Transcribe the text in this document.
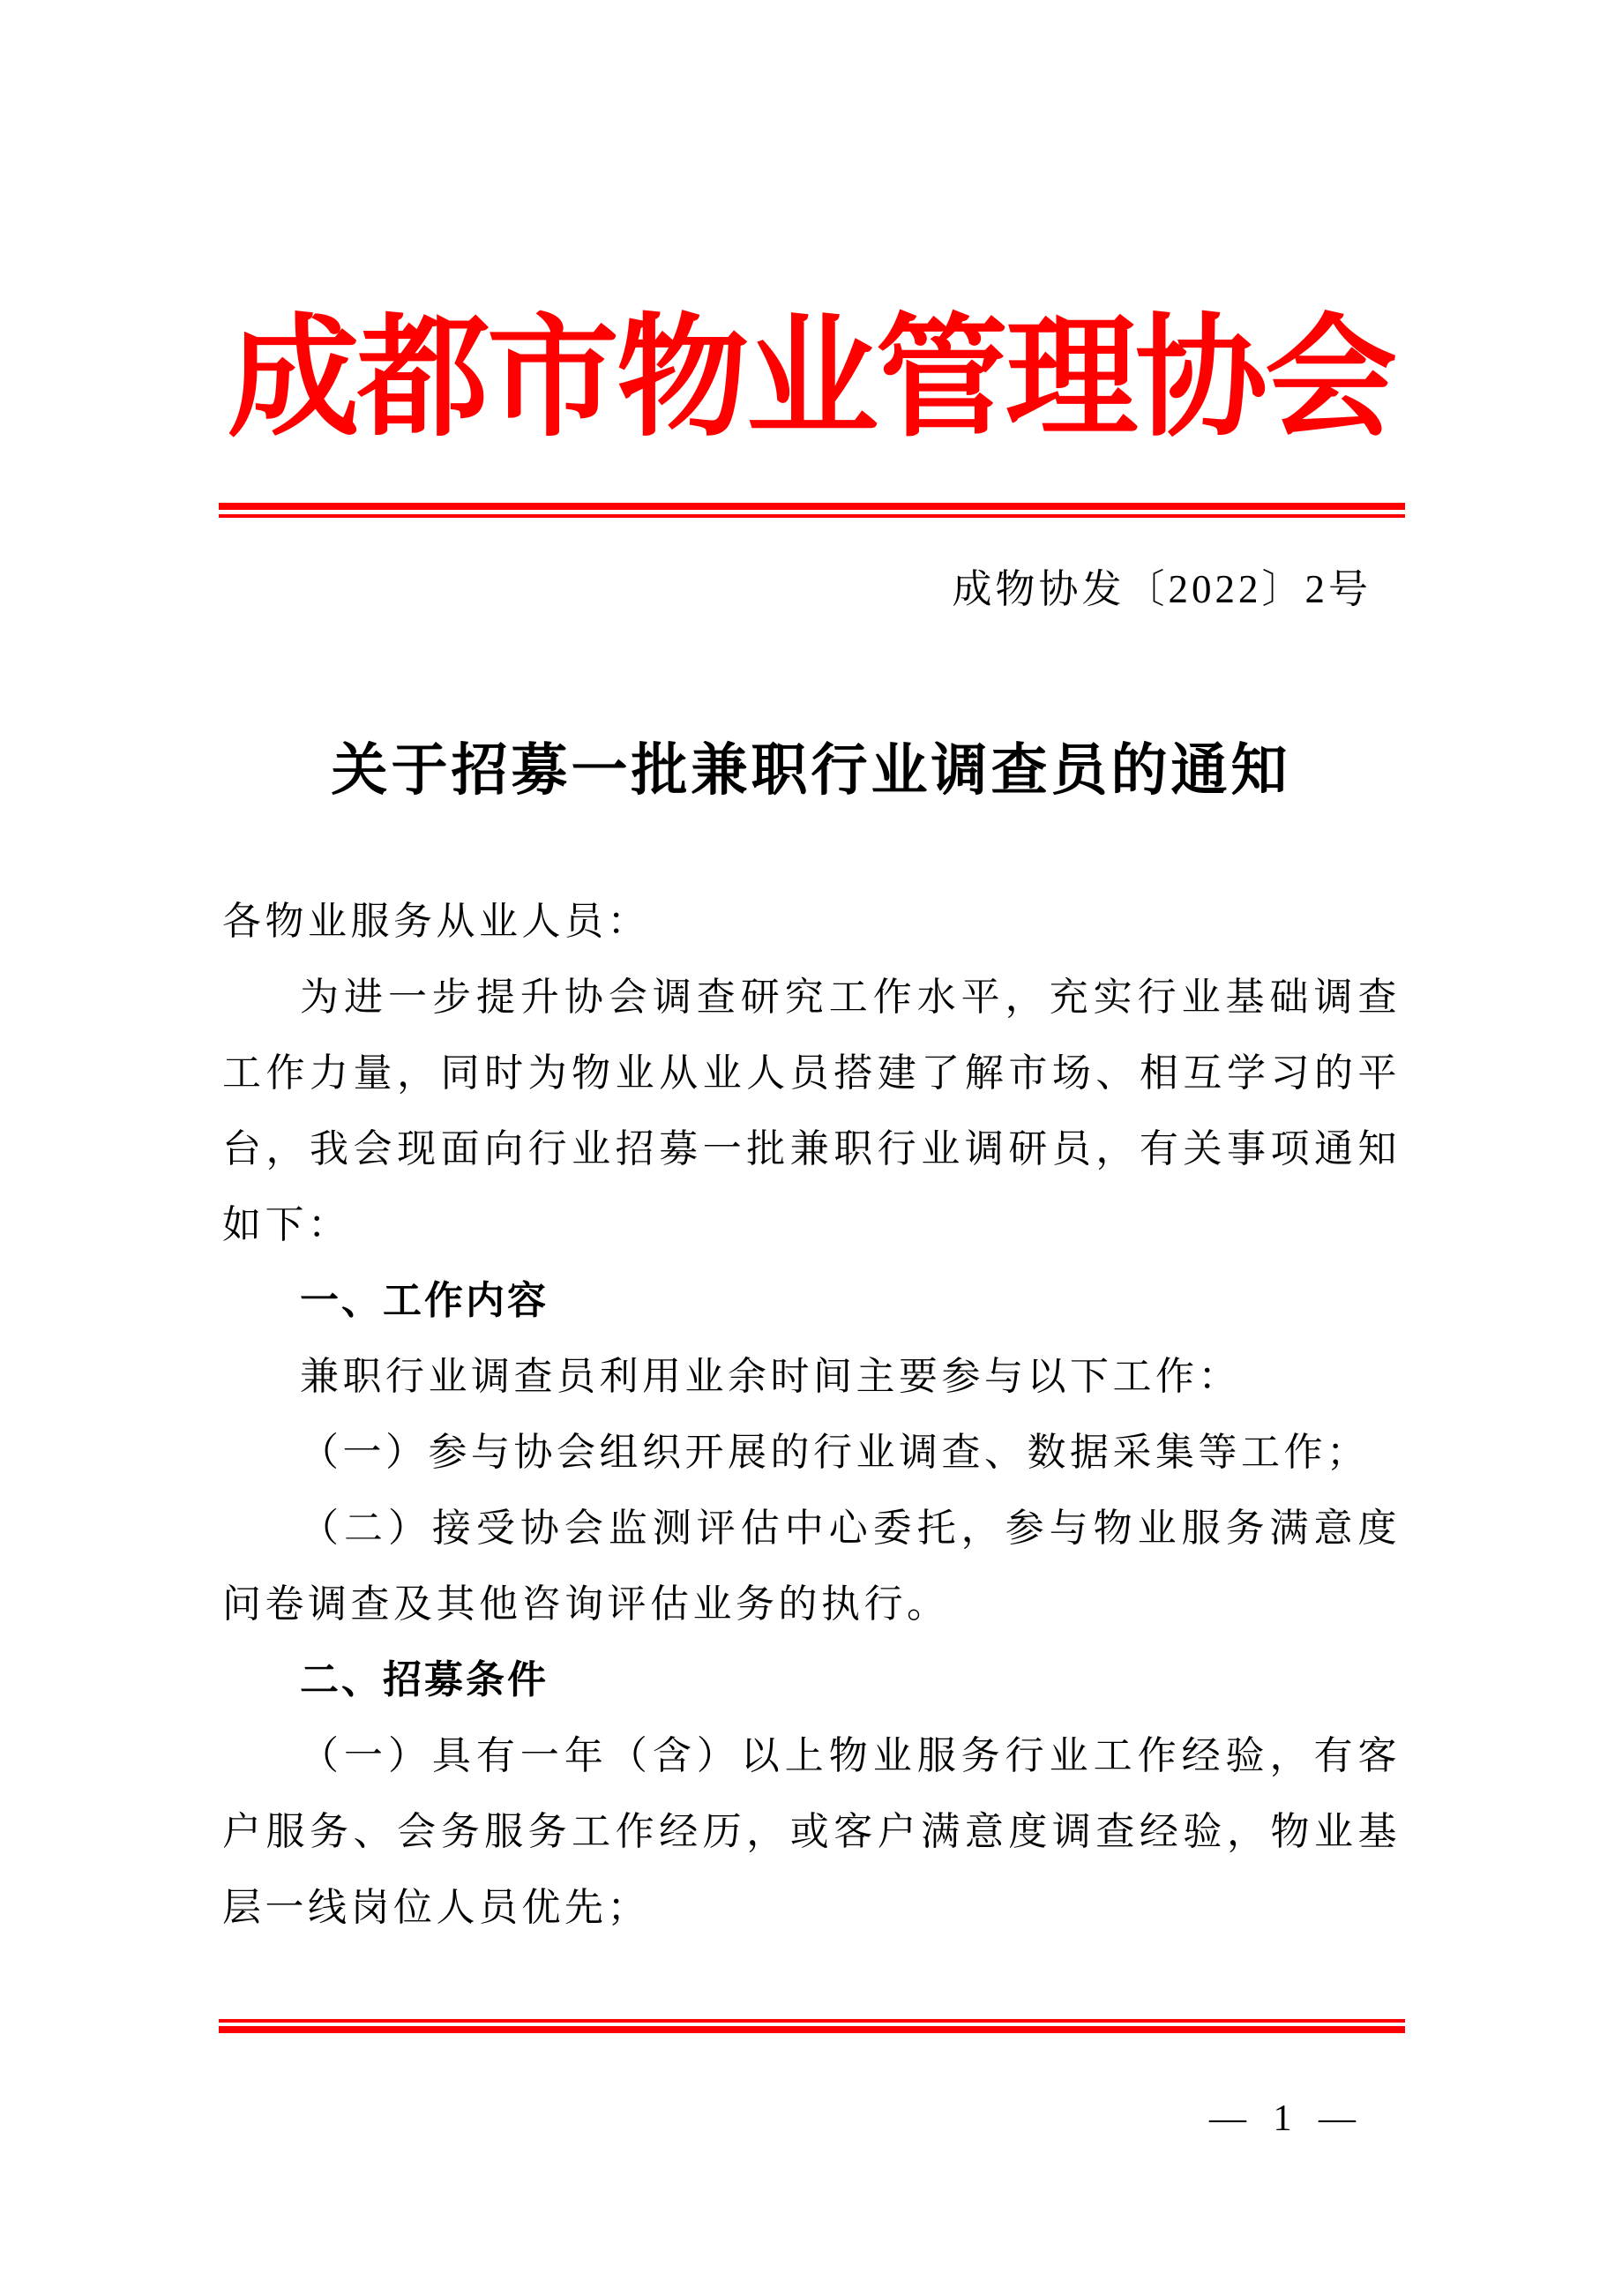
成都市物业管理协会
成物协发〔2022〕2号
关于招募一批兼职行业调查员的通知

各物业服务从业人员：

为进一步提升协会调查研究工作水平，充实行业基础调查工作力量，同时为物业从业人员搭建了解市场、相互学习的平台，我会现面向行业招募一批兼职行业调研员，有关事项通知如下：

一、工作内容

兼职行业调查员利用业余时间主要参与以下工作：

（一）参与协会组织开展的行业调查、数据采集等工作；

（二）接受协会监测评估中心委托，参与物业服务满意度问卷调查及其他咨询评估业务的执行。

二、招募条件

（一）具有一年（含）以上物业服务行业工作经验，有客户服务、会务服务工作经历，或客户满意度调查经验，物业基层一线岗位人员优先；

— 1 —
